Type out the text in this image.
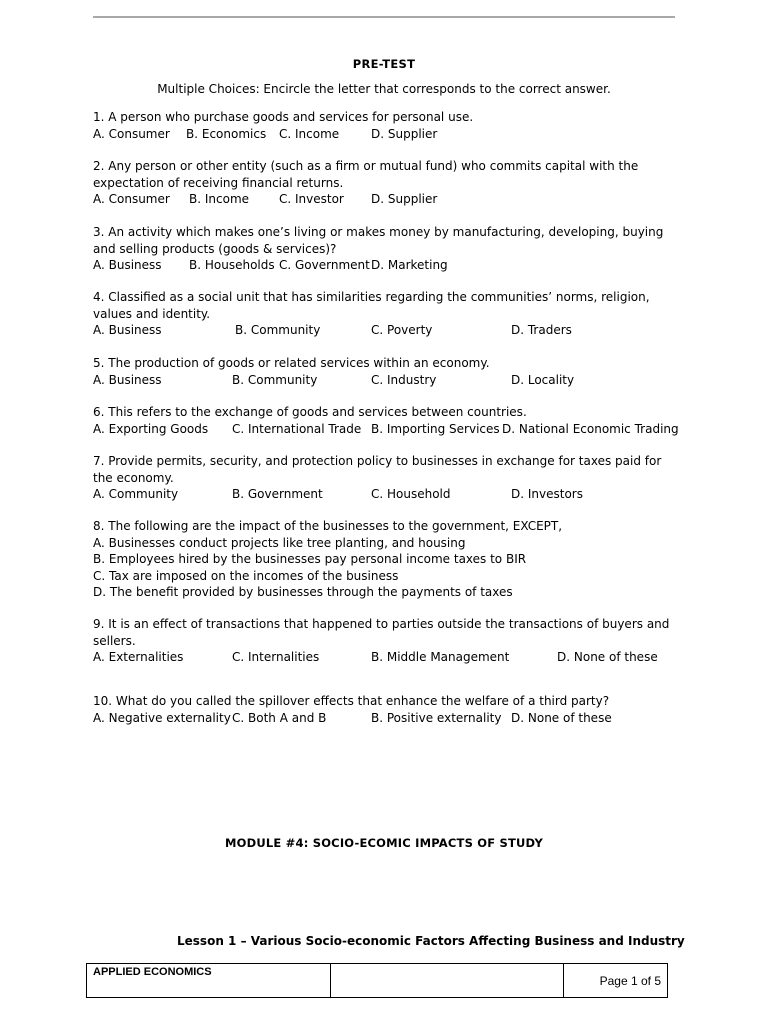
PRE-TEST
Multiple Choices: Encircle the letter that corresponds to the correct answer.

1. A person who purchase goods and services for personal use.

A. Consumer B. Economics C. Income	D. Supplier

2. Any person or other entity (such as a firm or mutual fund) who commits capital with the expectation of receiving financial returns.

A. Consumer B. Income C. Investor D. Supplier

3. An activity which makes one’s living or makes money by manufacturing, developing, buying and selling products (goods & services)?

A. Business B. Households C. Government D. Marketing

4. Classified as a social unit that has similarities regarding the communities’ norms, religion, values and identity.

A. Business	B. Community	C. Poverty	D. Traders

5. The production of goods or related services within an economy.

A. Business	B. Community	C. Industry	D. Locality

6. This refers to the exchange of goods and services between countries.

A. Exporting Goods C. International Trade B. Importing Services D. National Economic Trading

7. Provide permits, security, and protection policy to businesses in exchange for taxes paid for the economy.

A. Community	B. Government	C. Household	D. Investors

8. The following are the impact of the businesses to the government, EXCEPT,

A. Businesses conduct projects like tree planting, and housing

B. Employees hired by the businesses pay personal income taxes to BIR

C. Tax are imposed on the incomes of the business

D. The benefit provided by businesses through the payments of taxes

9. It is an effect of transactions that happened to parties outside the transactions of buyers and sellers.

A. Externalities	C. Internalities	B. Middle Management	D. None of these

10. What do you called the spillover effects that enhance the welfare of a third party?

A. Negative externality C. Both A and B	B. Positive externality D. None of these
MODULE #4: SOCIO-ECOMIC IMPACTS OF STUDY
Lesson 1 – Various Socio-economic Factors Affecting Business and Industry
APPLIED ECONOMICS
Page 1 of 5
